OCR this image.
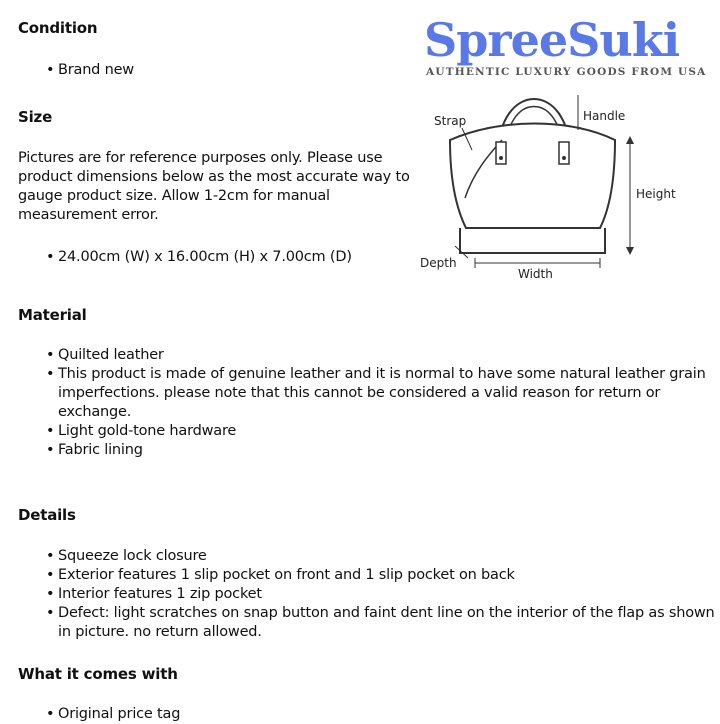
Condition
• Brand new
Size
Pictures are for reference purposes only. Please use product dimensions below as the most accurate way to gauge product size. Allow 1-2cm for manual measurement error.
• 24.00cm (W) x 16.00cm (H) x 7.00cm (D)
Material
• Quilted leather
• This product is made of genuine leather and it is normal to have some natural leather grain imperfections. please note that this cannot be considered a valid reason for return or exchange.
• Light gold-tone hardware
• Fabric lining
Details
• Squeeze lock closure
• Exterior features 1 slip pocket on front and 1 slip pocket on back
• Interior features 1 zip pocket
• Defect: light scratches on snap button and faint dent line on the interior of the flap as shown in picture. no return allowed.
What it comes with
• Original price tag
SpreeSuki
AUTHENTIC LUXURY GOODS FROM USA
Strap	Handle
Height
Depth
Width
